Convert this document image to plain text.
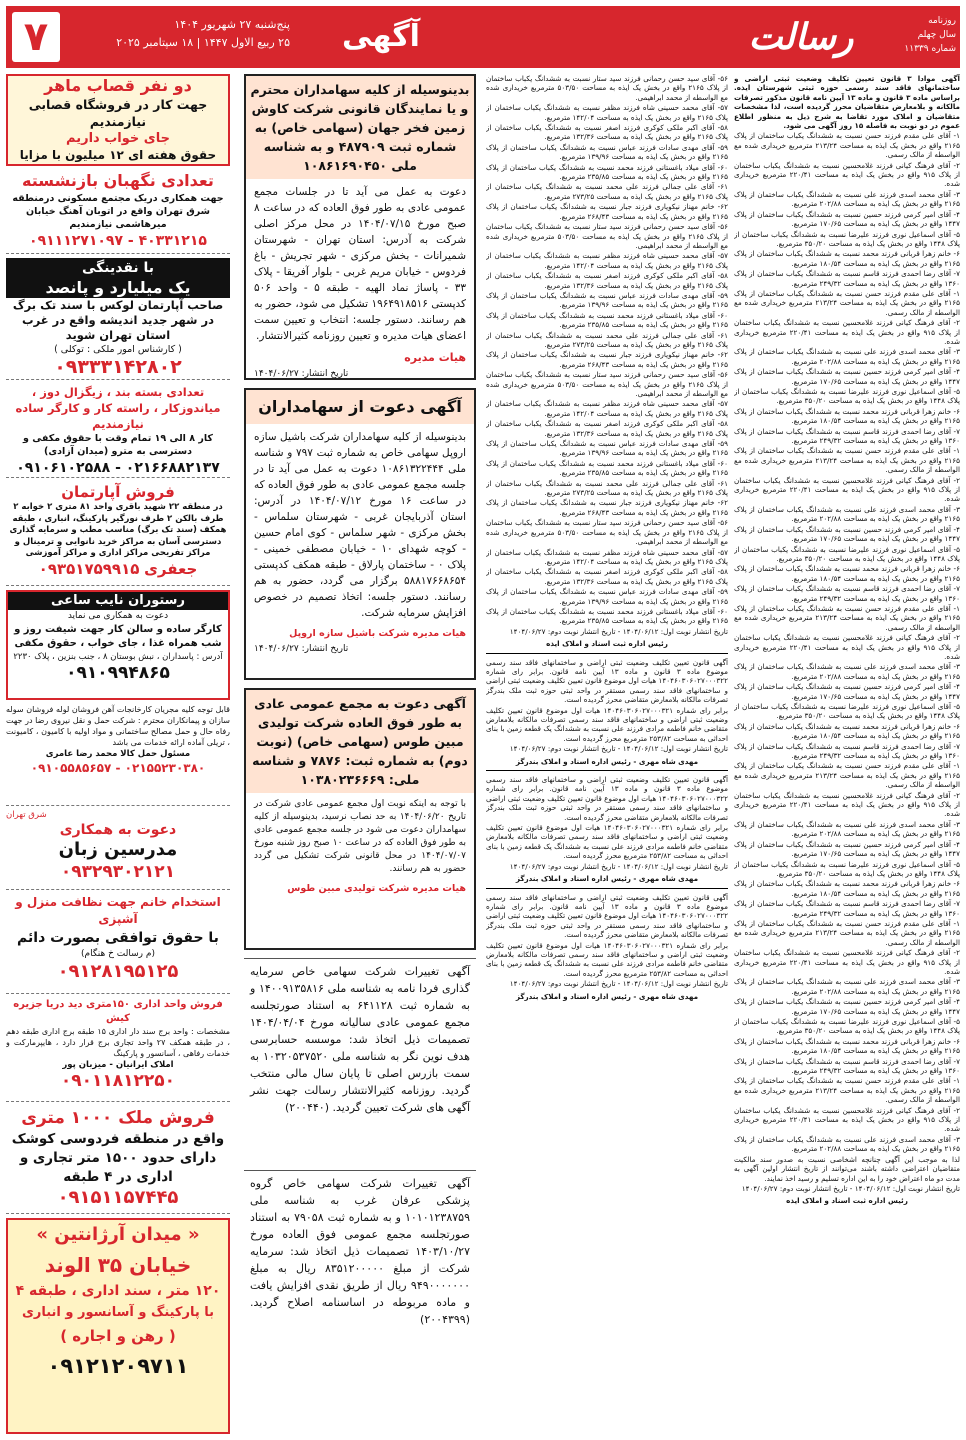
۷	پنج‌شنبه ۲۷ شهریور ۱۴۰۴
۲۵ ربیع الاول ۱۴۴۷ | ۱۸ سپتامبر ۲۰۲۵	آگهی	رسالت	روزنامه
سال چهلم
شماره ۱۱۳۳۹

آگهی موادا ۳ قانون تعیین تکلیف وضعیت ثبتی اراضی و ساختمانهای فاقد سند رسمی حوزه ثبتی شهرستان ایذه. براساس ماده ۳ قانون و ماده ۱۳ آیین نامه قانون مذکور تصرفات مالکانه و بلامعارض متقاضیان محرز گردیده است، لذا مشخصات متقاضیان و املاک مورد تقاضا به شرح ذیل به منظور اطلاع عموم در دو نوبت به فاصله ۱۵ روز آگهی می شود.

۱- آقای علی مقدم فرزند حسن نسبت به ششدانگ یکباب ساختمان از پلاک ۲۱۶۵ واقع در بخش یک ایذه به مساحت ۲۱۳/۲۴ مترمربع خریداری شده مع الواسطه از مالک رسمی.

۲- آقای فرهنگ کیانی فرزند غلامحسین نسبت به ششدانگ یکباب ساختمان از پلاک ۹۱۵ واقع در بخش یک ایذه به مساحت ۲۲۰/۴۱ مترمربع خریداری شده.

۳- آقای محمد اسدی فرزند علی نسبت به ششدانگ یکباب ساختمان از پلاک ۲۱۶۵ واقع در بخش یک ایذه به مساحت ۲۰۲/۸۸ مترمربع.

۴- آقای امیر کرمی فرزند حسین نسبت به ششدانگ یکباب ساختمان از پلاک ۱۴۴۷ واقع در بخش یک ایذه به مساحت ۱۷۰/۶۵ مترمربع.

۵- آقای اسماعیل نوری فرزند علیرضا نسبت به ششدانگ یکباب ساختمان از پلاک ۱۴۴۸ واقع در بخش یک ایذه به مساحت ۳۵۰/۲۰ مترمربع.

۶- خانم زهرا قربانی فرزند محمد نسبت به ششدانگ یکباب ساختمان از پلاک ۲۱۶۵ واقع در بخش یک ایذه به مساحت ۱۸۰/۵۴ مترمربع.

۷- آقای رضا احمدی فرزند قاسم نسبت به ششدانگ یکباب ساختمان از پلاک ۱۳۶۰ واقع در بخش یک ایذه به مساحت ۲۴۹/۳۲ مترمربع.

۱- آقای علی مقدم فرزند حسن نسبت به ششدانگ یکباب ساختمان از پلاک ۲۱۶۵ واقع در بخش یک ایذه به مساحت ۲۱۳/۲۴ مترمربع خریداری شده مع الواسطه از مالک رسمی.

۲- آقای فرهنگ کیانی فرزند غلامحسین نسبت به ششدانگ یکباب ساختمان از پلاک ۹۱۵ واقع در بخش یک ایذه به مساحت ۲۲۰/۴۱ مترمربع خریداری شده.

۳- آقای محمد اسدی فرزند علی نسبت به ششدانگ یکباب ساختمان از پلاک ۲۱۶۵ واقع در بخش یک ایذه به مساحت ۲۰۲/۸۸ مترمربع.

۴- آقای امیر کرمی فرزند حسین نسبت به ششدانگ یکباب ساختمان از پلاک ۱۴۴۷ واقع در بخش یک ایذه به مساحت ۱۷۰/۶۵ مترمربع.

۵- آقای اسماعیل نوری فرزند علیرضا نسبت به ششدانگ یکباب ساختمان از پلاک ۱۴۴۸ واقع در بخش یک ایذه به مساحت ۳۵۰/۲۰ مترمربع.

۶- خانم زهرا قربانی فرزند محمد نسبت به ششدانگ یکباب ساختمان از پلاک ۲۱۶۵ واقع در بخش یک ایذه به مساحت ۱۸۰/۵۴ مترمربع.

۷- آقای رضا احمدی فرزند قاسم نسبت به ششدانگ یکباب ساختمان از پلاک ۱۳۶۰ واقع در بخش یک ایذه به مساحت ۲۴۹/۳۲ مترمربع.

۱- آقای علی مقدم فرزند حسن نسبت به ششدانگ یکباب ساختمان از پلاک ۲۱۶۵ واقع در بخش یک ایذه به مساحت ۲۱۳/۲۴ مترمربع خریداری شده مع الواسطه از مالک رسمی.

۲- آقای فرهنگ کیانی فرزند غلامحسین نسبت به ششدانگ یکباب ساختمان از پلاک ۹۱۵ واقع در بخش یک ایذه به مساحت ۲۲۰/۴۱ مترمربع خریداری شده.

۳- آقای محمد اسدی فرزند علی نسبت به ششدانگ یکباب ساختمان از پلاک ۲۱۶۵ واقع در بخش یک ایذه به مساحت ۲۰۲/۸۸ مترمربع.

۴- آقای امیر کرمی فرزند حسین نسبت به ششدانگ یکباب ساختمان از پلاک ۱۴۴۷ واقع در بخش یک ایذه به مساحت ۱۷۰/۶۵ مترمربع.

۵- آقای اسماعیل نوری فرزند علیرضا نسبت به ششدانگ یکباب ساختمان از پلاک ۱۴۴۸ واقع در بخش یک ایذه به مساحت ۳۵۰/۲۰ مترمربع.

۶- خانم زهرا قربانی فرزند محمد نسبت به ششدانگ یکباب ساختمان از پلاک ۲۱۶۵ واقع در بخش یک ایذه به مساحت ۱۸۰/۵۴ مترمربع.

۷- آقای رضا احمدی فرزند قاسم نسبت به ششدانگ یکباب ساختمان از پلاک ۱۳۶۰ واقع در بخش یک ایذه به مساحت ۲۴۹/۳۲ مترمربع.

۱- آقای علی مقدم فرزند حسن نسبت به ششدانگ یکباب ساختمان از پلاک ۲۱۶۵ واقع در بخش یک ایذه به مساحت ۲۱۳/۲۴ مترمربع خریداری شده مع الواسطه از مالک رسمی.

۲- آقای فرهنگ کیانی فرزند غلامحسین نسبت به ششدانگ یکباب ساختمان از پلاک ۹۱۵ واقع در بخش یک ایذه به مساحت ۲۲۰/۴۱ مترمربع خریداری شده.

۳- آقای محمد اسدی فرزند علی نسبت به ششدانگ یکباب ساختمان از پلاک ۲۱۶۵ واقع در بخش یک ایذه به مساحت ۲۰۲/۸۸ مترمربع.

۴- آقای امیر کرمی فرزند حسین نسبت به ششدانگ یکباب ساختمان از پلاک ۱۴۴۷ واقع در بخش یک ایذه به مساحت ۱۷۰/۶۵ مترمربع.

۵- آقای اسماعیل نوری فرزند علیرضا نسبت به ششدانگ یکباب ساختمان از پلاک ۱۴۴۸ واقع در بخش یک ایذه به مساحت ۳۵۰/۲۰ مترمربع.

۶- خانم زهرا قربانی فرزند محمد نسبت به ششدانگ یکباب ساختمان از پلاک ۲۱۶۵ واقع در بخش یک ایذه به مساحت ۱۸۰/۵۴ مترمربع.

۷- آقای رضا احمدی فرزند قاسم نسبت به ششدانگ یکباب ساختمان از پلاک ۱۳۶۰ واقع در بخش یک ایذه به مساحت ۲۴۹/۳۲ مترمربع.

۱- آقای علی مقدم فرزند حسن نسبت به ششدانگ یکباب ساختمان از پلاک ۲۱۶۵ واقع در بخش یک ایذه به مساحت ۲۱۳/۲۴ مترمربع خریداری شده مع الواسطه از مالک رسمی.

۲- آقای فرهنگ کیانی فرزند غلامحسین نسبت به ششدانگ یکباب ساختمان از پلاک ۹۱۵ واقع در بخش یک ایذه به مساحت ۲۲۰/۴۱ مترمربع خریداری شده.

۳- آقای محمد اسدی فرزند علی نسبت به ششدانگ یکباب ساختمان از پلاک ۲۱۶۵ واقع در بخش یک ایذه به مساحت ۲۰۲/۸۸ مترمربع.

۴- آقای امیر کرمی فرزند حسین نسبت به ششدانگ یکباب ساختمان از پلاک ۱۴۴۷ واقع در بخش یک ایذه به مساحت ۱۷۰/۶۵ مترمربع.

۵- آقای اسماعیل نوری فرزند علیرضا نسبت به ششدانگ یکباب ساختمان از پلاک ۱۴۴۸ واقع در بخش یک ایذه به مساحت ۳۵۰/۲۰ مترمربع.

۶- خانم زهرا قربانی فرزند محمد نسبت به ششدانگ یکباب ساختمان از پلاک ۲۱۶۵ واقع در بخش یک ایذه به مساحت ۱۸۰/۵۴ مترمربع.

۷- آقای رضا احمدی فرزند قاسم نسبت به ششدانگ یکباب ساختمان از پلاک ۱۳۶۰ واقع در بخش یک ایذه به مساحت ۲۴۹/۳۲ مترمربع.

۱- آقای علی مقدم فرزند حسن نسبت به ششدانگ یکباب ساختمان از پلاک ۲۱۶۵ واقع در بخش یک ایذه به مساحت ۲۱۳/۲۴ مترمربع خریداری شده مع الواسطه از مالک رسمی.

۲- آقای فرهنگ کیانی فرزند غلامحسین نسبت به ششدانگ یکباب ساختمان از پلاک ۹۱۵ واقع در بخش یک ایذه به مساحت ۲۲۰/۴۱ مترمربع خریداری شده.

۳- آقای محمد اسدی فرزند علی نسبت به ششدانگ یکباب ساختمان از پلاک ۲۱۶۵ واقع در بخش یک ایذه به مساحت ۲۰۲/۸۸ مترمربع.

۴- آقای امیر کرمی فرزند حسین نسبت به ششدانگ یکباب ساختمان از پلاک ۱۴۴۷ واقع در بخش یک ایذه به مساحت ۱۷۰/۶۵ مترمربع.

۵- آقای اسماعیل نوری فرزند علیرضا نسبت به ششدانگ یکباب ساختمان از پلاک ۱۴۴۸ واقع در بخش یک ایذه به مساحت ۳۵۰/۲۰ مترمربع.

۶- خانم زهرا قربانی فرزند محمد نسبت به ششدانگ یکباب ساختمان از پلاک ۲۱۶۵ واقع در بخش یک ایذه به مساحت ۱۸۰/۵۴ مترمربع.

۷- آقای رضا احمدی فرزند قاسم نسبت به ششدانگ یکباب ساختمان از پلاک ۱۳۶۰ واقع در بخش یک ایذه به مساحت ۲۴۹/۳۲ مترمربع.

۱- آقای علی مقدم فرزند حسن نسبت به ششدانگ یکباب ساختمان از پلاک ۲۱۶۵ واقع در بخش یک ایذه به مساحت ۲۱۳/۲۴ مترمربع خریداری شده مع الواسطه از مالک رسمی.

۲- آقای فرهنگ کیانی فرزند غلامحسین نسبت به ششدانگ یکباب ساختمان از پلاک ۹۱۵ واقع در بخش یک ایذه به مساحت ۲۲۰/۴۱ مترمربع خریداری شده.

۳- آقای محمد اسدی فرزند علی نسبت به ششدانگ یکباب ساختمان از پلاک ۲۱۶۵ واقع در بخش یک ایذه به مساحت ۲۰۲/۸۸ مترمربع.

لذا به موجب این آگهی چنانچه اشخاصی نسبت به صدور سند مالکیت متقاضیان اعتراضی داشته باشند می‌توانند از تاریخ انتشار اولین آگهی به مدت دو ماه اعتراض خود را به این اداره تسلیم و رسید اخذ نمایند.

تاریخ انتشار نوبت اول: ۱۴۰۴/۰۶/۱۲ - تاریخ انتشار نوبت دوم: ۱۴۰۴/۰۶/۲۷

رئیس اداره ثبت اسناد و املاک ایذه

۵۶- آقای سید حسن رحمانی فرزند سید ستار نسبت به ششدانگ یکباب ساختمان از پلاک ۲۱۶۵ واقع در بخش یک ایذه به مساحت ۵۰۳/۵۰ مترمربع خریداری شده مع الواسطه از محمد ابراهیمی.

۵۷- آقای محمد حسینی شاه فرزند مظفر نسبت به ششدانگ یکباب ساختمان از پلاک ۲۱۶۵ واقع در بخش یک ایذه به مساحت ۱۴۲/۰۴ مترمربع.

۵۸- آقای اکبر ملکی کوکری فرزند اصغر نسبت به ششدانگ یکباب ساختمان از پلاک ۲۱۶۵ واقع در بخش یک ایذه به مساحت ۱۳۲/۳۶ مترمربع.

۵۹- آقای مهدی سادات فرزند عباس نسبت به ششدانگ یکباب ساختمان از پلاک ۲۱۶۵ واقع در بخش یک ایذه به مساحت ۱۳۹/۹۶ مترمربع.

۶۰- آقای میلاد باغستانی فرزند محمد نسبت به ششدانگ یکباب ساختمان از پلاک ۲۱۶۵ واقع در بخش یک ایذه به مساحت ۲۳۵/۸۵ مترمربع.

۶۱- آقای علی جمالی فرزند علی محمد نسبت به ششدانگ یکباب ساختمان از پلاک ۲۱۶۵ واقع در بخش یک ایذه به مساحت ۲۷۳/۲۵ مترمربع.

۶۲- خانم مهناز نیکویاری فرزند جبار نسبت به ششدانگ یکباب ساختمان از پلاک ۲۱۶۵ واقع در بخش یک ایذه به مساحت ۲۶۸/۴۳ مترمربع.

۵۶- آقای سید حسن رحمانی فرزند سید ستار نسبت به ششدانگ یکباب ساختمان از پلاک ۲۱۶۵ واقع در بخش یک ایذه به مساحت ۵۰۳/۵۰ مترمربع خریداری شده مع الواسطه از محمد ابراهیمی.

۵۷- آقای محمد حسینی شاه فرزند مظفر نسبت به ششدانگ یکباب ساختمان از پلاک ۲۱۶۵ واقع در بخش یک ایذه به مساحت ۱۴۲/۰۴ مترمربع.

۵۸- آقای اکبر ملکی کوکری فرزند اصغر نسبت به ششدانگ یکباب ساختمان از پلاک ۲۱۶۵ واقع در بخش یک ایذه به مساحت ۱۳۲/۳۶ مترمربع.

۵۹- آقای مهدی سادات فرزند عباس نسبت به ششدانگ یکباب ساختمان از پلاک ۲۱۶۵ واقع در بخش یک ایذه به مساحت ۱۳۹/۹۶ مترمربع.

۶۰- آقای میلاد باغستانی فرزند محمد نسبت به ششدانگ یکباب ساختمان از پلاک ۲۱۶۵ واقع در بخش یک ایذه به مساحت ۲۳۵/۸۵ مترمربع.

۶۱- آقای علی جمالی فرزند علی محمد نسبت به ششدانگ یکباب ساختمان از پلاک ۲۱۶۵ واقع در بخش یک ایذه به مساحت ۲۷۳/۲۵ مترمربع.

۶۲- خانم مهناز نیکویاری فرزند جبار نسبت به ششدانگ یکباب ساختمان از پلاک ۲۱۶۵ واقع در بخش یک ایذه به مساحت ۲۶۸/۴۳ مترمربع.

۵۶- آقای سید حسن رحمانی فرزند سید ستار نسبت به ششدانگ یکباب ساختمان از پلاک ۲۱۶۵ واقع در بخش یک ایذه به مساحت ۵۰۳/۵۰ مترمربع خریداری شده مع الواسطه از محمد ابراهیمی.

۵۷- آقای محمد حسینی شاه فرزند مظفر نسبت به ششدانگ یکباب ساختمان از پلاک ۲۱۶۵ واقع در بخش یک ایذه به مساحت ۱۴۲/۰۴ مترمربع.

۵۸- آقای اکبر ملکی کوکری فرزند اصغر نسبت به ششدانگ یکباب ساختمان از پلاک ۲۱۶۵ واقع در بخش یک ایذه به مساحت ۱۳۲/۳۶ مترمربع.

۵۹- آقای مهدی سادات فرزند عباس نسبت به ششدانگ یکباب ساختمان از پلاک ۲۱۶۵ واقع در بخش یک ایذه به مساحت ۱۳۹/۹۶ مترمربع.

۶۰- آقای میلاد باغستانی فرزند محمد نسبت به ششدانگ یکباب ساختمان از پلاک ۲۱۶۵ واقع در بخش یک ایذه به مساحت ۲۳۵/۸۵ مترمربع.

۶۱- آقای علی جمالی فرزند علی محمد نسبت به ششدانگ یکباب ساختمان از پلاک ۲۱۶۵ واقع در بخش یک ایذه به مساحت ۲۷۳/۲۵ مترمربع.

۶۲- خانم مهناز نیکویاری فرزند جبار نسبت به ششدانگ یکباب ساختمان از پلاک ۲۱۶۵ واقع در بخش یک ایذه به مساحت ۲۶۸/۴۳ مترمربع.

۵۶- آقای سید حسن رحمانی فرزند سید ستار نسبت به ششدانگ یکباب ساختمان از پلاک ۲۱۶۵ واقع در بخش یک ایذه به مساحت ۵۰۳/۵۰ مترمربع خریداری شده مع الواسطه از محمد ابراهیمی.

۵۷- آقای محمد حسینی شاه فرزند مظفر نسبت به ششدانگ یکباب ساختمان از پلاک ۲۱۶۵ واقع در بخش یک ایذه به مساحت ۱۴۲/۰۴ مترمربع.

۵۸- آقای اکبر ملکی کوکری فرزند اصغر نسبت به ششدانگ یکباب ساختمان از پلاک ۲۱۶۵ واقع در بخش یک ایذه به مساحت ۱۳۲/۳۶ مترمربع.

۵۹- آقای مهدی سادات فرزند عباس نسبت به ششدانگ یکباب ساختمان از پلاک ۲۱۶۵ واقع در بخش یک ایذه به مساحت ۱۳۹/۹۶ مترمربع.

۶۰- آقای میلاد باغستانی فرزند محمد نسبت به ششدانگ یکباب ساختمان از پلاک ۲۱۶۵ واقع در بخش یک ایذه به مساحت ۲۳۵/۸۵ مترمربع.

تاریخ انتشار نوبت اول: ۱۴۰۴/۰۶/۱۲ - تاریخ انتشار نوبت دوم: ۱۴۰۴/۰۶/۲۷

رئیس اداره ثبت اسناد و املاک ایذه

آگهی قانون تعیین تکلیف وضعیت ثبتی اراضی و ساختمانهای فاقد سند رسمی موضوع ماده ۳ قانون و ماده ۱۳ آیین نامه قانون. برابر رای شماره ۱۴۰۴۶۰۳۰۶۰۲۷۰۰۰۳۲۲ هیات اول موضوع قانون تعیین تکلیف وضعیت ثبتی اراضی و ساختمانهای فاقد سند رسمی مستقر در واحد ثبتی حوزه ثبت ملک بندرگز تصرفات مالکانه بلامعارض متقاضی محرز گردیده است.

برابر رای شماره ۱۴۰۴۶۰۳۰۶۰۲۷۰۰۰۳۲۱ هیات اول موضوع قانون تعیین تکلیف وضعیت ثبتی اراضی و ساختمانهای فاقد سند رسمی تصرفات مالکانه بلامعارض متقاضی خانم فاطمه مرادی فرزند علی نسبت به ششدانگ یک قطعه زمین با بنای احداثی به مساحت ۲۵۳/۸۲ مترمربع محرز گردیده است.

تاریخ انتشار نوبت اول: ۱۴۰۴/۰۶/۱۲ - تاریخ انتشار نوبت دوم: ۱۴۰۴/۰۶/۲۷

مهدی شاه مهری - رئیس اداره اسناد و املاک بندرگز

آگهی قانون تعیین تکلیف وضعیت ثبتی اراضی و ساختمانهای فاقد سند رسمی موضوع ماده ۳ قانون و ماده ۱۳ آیین نامه قانون. برابر رای شماره ۱۴۰۴۶۰۳۰۶۰۲۷۰۰۰۳۲۲ هیات اول موضوع قانون تعیین تکلیف وضعیت ثبتی اراضی و ساختمانهای فاقد سند رسمی مستقر در واحد ثبتی حوزه ثبت ملک بندرگز تصرفات مالکانه بلامعارض متقاضی محرز گردیده است.

برابر رای شماره ۱۴۰۴۶۰۳۰۶۰۲۷۰۰۰۳۲۱ هیات اول موضوع قانون تعیین تکلیف وضعیت ثبتی اراضی و ساختمانهای فاقد سند رسمی تصرفات مالکانه بلامعارض متقاضی خانم فاطمه مرادی فرزند علی نسبت به ششدانگ یک قطعه زمین با بنای احداثی به مساحت ۲۵۳/۸۲ مترمربع محرز گردیده است.

تاریخ انتشار نوبت اول: ۱۴۰۴/۰۶/۱۲ - تاریخ انتشار نوبت دوم: ۱۴۰۴/۰۶/۲۷

مهدی شاه مهری - رئیس اداره اسناد و املاک بندرگز

آگهی قانون تعیین تکلیف وضعیت ثبتی اراضی و ساختمانهای فاقد سند رسمی موضوع ماده ۳ قانون و ماده ۱۳ آیین نامه قانون. برابر رای شماره ۱۴۰۴۶۰۳۰۶۰۲۷۰۰۰۳۲۲ هیات اول موضوع قانون تعیین تکلیف وضعیت ثبتی اراضی و ساختمانهای فاقد سند رسمی مستقر در واحد ثبتی حوزه ثبت ملک بندرگز تصرفات مالکانه بلامعارض متقاضی محرز گردیده است.

برابر رای شماره ۱۴۰۴۶۰۳۰۶۰۲۷۰۰۰۳۲۱ هیات اول موضوع قانون تعیین تکلیف وضعیت ثبتی اراضی و ساختمانهای فاقد سند رسمی تصرفات مالکانه بلامعارض متقاضی خانم فاطمه مرادی فرزند علی نسبت به ششدانگ یک قطعه زمین با بنای احداثی به مساحت ۲۵۳/۸۲ مترمربع محرز گردیده است.

تاریخ انتشار نوبت اول: ۱۴۰۴/۰۶/۱۲ - تاریخ انتشار نوبت دوم: ۱۴۰۴/۰۶/۲۷

مهدی شاه مهری - رئیس اداره اسناد و املاک بندرگز

بدینوسیله از کلیه سهامداران محترم و یا نمایندگان قانونی شرکت کاوش زمین فخر جهان (سهامی خاص) به شماره ثبت ۴۸۷۹۰۹ و به شناسه ملی ۱۰۸۶۱۶۹۰۴۵۰
دعوت به عمل می آید تا در جلسات مجمع عمومی عادی به طور فوق العاده که در ساعت ۸ صبح مورخ ۱۴۰۴/۰۷/۱۵ در محل مرکز اصلی شرکت به آدرس: استان تهران - شهرستان شمیرانات - بخش مرکزی - شهر تجریش - باغ فردوس - خیابان مریم غربی - بلوار آفریقا - پلاک ۳۳ - پاساژ نماد الهیه - طبقه ۵ - واحد ۵۰۶ کدپستی ۱۹۶۴۹۱۸۵۱۶ تشکیل می شود، حضور به هم رسانند. دستور جلسه: انتخاب و تعیین سمت اعضای هیات مدیره و تعیین روزنامه کثیرالانتشار.
هیات مدیره
تاریخ انتشار: ۱۴۰۴/۰۶/۲۷
آگهی دعوت از سهامداران
بدینوسیله از کلیه سهامداران شرکت باشیل سازه اروپل سهامی خاص به شماره ثبت ۷۹۷ و شناسه ملی ۱۰۸۶۱۳۲۲۴۴۴ دعوت به عمل می آید تا در جلسه مجمع عمومی عادی به طور فوق العاده که در ساعت ۱۶ مورخ ۱۴۰۴/۰۷/۱۲ در آدرس: استان آذربایجان غربی - شهرستان سلماس - بخش مرکزی - شهر سلماس - کوی امام حسین - کوچه شهدای ۱۰ - خیابان مصطفی خمینی - پلاک ۰ - ساختمان پارلاق - طبقه همکف کدپستی ۵۸۸۱۷۶۶۸۶۵۴ برگزار می گردد، حضور به هم رسانند. دستور جلسه: اتخاذ تصمیم در خصوص افزایش سرمایه شرکت.
هیات مدیره شرکت باشیل سازه اروپل
تاریخ انتشار: ۱۴۰۴/۰۶/۲۷
آگهی دعوت به مجمع عمومی عادی به طور فوق العاده شرکت تولیدی مبین طوس (سهامی خاص) (نوبت دوم) به شماره ثبت: ۷۸۷۶ و شناسه ملی: ۱۰۳۸۰۲۳۶۶۶۹
با توجه به اینکه نوبت اول مجمع عمومی عادی شرکت در تاریخ ۱۴۰۴/۰۶/۲۰ به حد نصاب نرسید، بدینوسیله از کلیه سهامداران دعوت می شود در جلسه مجمع عمومی عادی به طور فوق العاده که در ساعت ۱۰ صبح روز شنبه مورخ ۱۴۰۴/۰۷/۰۷ در محل قانونی شرکت تشکیل می گردد حضور به هم رسانند.
هیات مدیره شرکت تولیدی مبین طوس
آگهی تغییرات شرکت سهامی خاص سرمایه گذاری فردا نامه به شناسه ملی ۱۴۰۰۹۱۳۵۸۱۶ و به شماره ثبت ۶۴۱۱۲۸ به استناد صورتجلسه مجمع عمومی عادی سالیانه مورخ ۱۴۰۴/۰۴/۰۴ تصمیمات ذیل اتخاذ شد: موسسه حسابرسی هدف نوین نگر به شناسه ملی ۱۰۳۲۰۵۳۷۵۲۰ به سمت بازرس اصلی تا پایان سال مالی منتخب گردید. روزنامه کثیرالانتشار رسالت جهت نشر آگهی های شرکت تعیین گردید. (۲۰۰۴۴۰)
آگهی تغییرات شرکت سهامی خاص گروه پزشکی عرفان غرب به شناسه ملی ۱۰۱۰۱۲۳۸۷۵۹ و به شماره ثبت ۷۹۰۵۸ به استناد صورتجلسه مجمع عمومی فوق العاده مورخ ۱۴۰۳/۱۰/۲۷ تصمیمات ذیل اتخاذ شد: سرمایه شرکت از مبلغ ۸۳۵۱۲۰۰۰۰۰ ریال به مبلغ ۹۴۹۰۰۰۰۰۰۰ ریال از طریق نقدی افزایش یافت و ماده مربوطه در اساسنامه اصلاح گردید. (۲۰۰۴۳۹۹)
دو نفر قصاب ماهر
جهت کار در فروشگاه قصابی نیازمندیم
جای خواب داریم
حقوق هفته ای ۱۲ میلیون با مزایا
تعدادی نگهبان بازنشسته
جهت همکاری دریک مجتمع مسکونی درمنطقه شرق تهران واقع در اتوبان آهنگ خیابان میرهاشمی نیازمندیم
۰۹۱۱۱۲۷۱۰۹۷ - ۴۰۳۳۱۲۱۵
با نقدینگی
یک میلیارد و پانصد
صاحب آپارتمان لوکس با سند تک برگ در شهر جدید اندیشه واقع در غرب استان تهران شوید
( کارشناس امور ملکی : توکلی )
۰۹۳۳۳۱۴۲۸۰۲
تعدادی بسته بند ، زیگزال دوز ، میاندوزکار ، راسته کار و کارگر ساده نیازمندیم
کار ۸ الی ۱۹ تمام وقت با حقوق مکفی و دسترسی به مترو (میدان آزادی)
۰۹۱۰۶۱۰۲۵۸۸ - ۰۲۱۶۶۸۸۲۱۳۷
فروش آپارتمان
در منطقه ۲۲ شهید باقری واحد ۸۱ متری ۲ خوابه ۲ طرف بالکن ۲ طرف نورگیر پارکینگ، انباری ، طبقه همکف (سند تک برگ) مناسب مطب و سرمایه گذاری دسترسی آسان به مراکز خرید نانوایی و ترمینال و مراکز تفریحی مراکز اداری و مراکز آموزشی
جعفری ۰۹۳۵۱۷۵۹۹۱۵
رستوران نایب ساعی
دعوت به همکاری می نماید
کارگر ساده و سالن کار جهت شیفت روز و شب همراه غذا ، جای خواب ، حقوق مکفی
آدرس : پاسداران ، نبش بوستان ۸ ، جنب بنزین ، پلاک ۲۲۳۰
۰۹۱۰۹۹۴۸۶۵
قابل توجه کلیه مجریان کارخانجات آهن فروشان لوله فروشان سوله سازان و پیمانکاران محترم : شرکت حمل و نقل نیروی رضا در جهت رفاه حال و حمل مصالح ساختمانی و مواد اولیه با کامیون ، کامیونت ، تریلی آماده ارائه خدمات می باشد
مسئول حمل کالا محمد رضا عامری
۰۹۱۰۵۵۸۵۶۵۷ - ۰۲۱۵۵۲۳۰۳۸۰
شرق تهران
دعوت به همکاری
مدرسین زبان
۰۹۳۲۹۳۰۲۱۲۱
استخدام خانم جهت نظافت منزل و آشپزی
با حقوق توافقی بصورت دائم
(م رسالت خ هنگام)
۰۹۱۲۸۱۹۵۱۲۵
فروش واحد اداری ۱۵۰متری دید دریا جزیره کیش
مشخصات : واحد برج سند دار اداری ۱۵ طبقه برج اداری طبقه دهم ، در طبقه همکف ۲۷ واحد تجاری برج قرار دارد ، هایپرمارکت و خدمات رفاهی ، آسانسور و پارکینگ
املاک ایرانیان - میزبان پور
۰۹۰۱۱۸۱۲۲۵۰
فروش ملک ۱۰۰۰ متری
واقع در منطقه فردوسی کوشک دارای حدود ۱۵۰۰ متر تجاری و اداری در ۴ طبقه
۰۹۱۵۱۱۵۷۴۴۵
« میدان آرژانتین »
خیابان ۳۵ الوند
۱۲۰ متر ، سند اداری ، طبقه ۴
با پارکینگ و آسانسور و انباری
( رهن و اجاره )
۰۹۱۲۱۲۰۹۷۱۱
